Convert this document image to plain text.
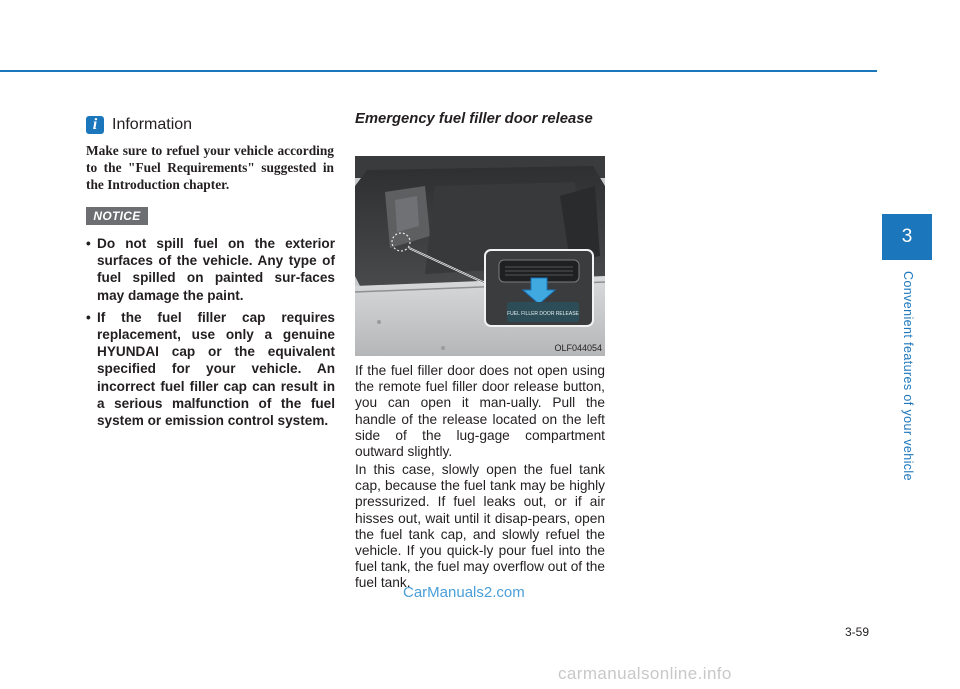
i Information

Make sure to refuel your vehicle according to the "Fuel Requirements" suggested in the Introduction chapter.

NOTICE
• Do not spill fuel on the exterior surfaces of the vehicle. Any type of fuel spilled on painted sur-faces may damage the paint.
• If the fuel filler cap requires replacement, use only a genuine HYUNDAI cap or the equivalent specified for your vehicle. An incorrect fuel filler cap can result in a serious malfunction of the fuel system or emission control system.
Emergency fuel filler door release
FUEL FILLER DOOR RELEASE
OLF044054

If the fuel filler door does not open using the remote fuel filler door release button, you can open it man-ually. Pull the handle of the release located on the left side of the lug-gage compartment outward slightly.

In this case, slowly open the fuel tank cap, because the fuel tank may be highly pressurized. If fuel leaks out, or if air hisses out, wait until it disap-pears, open the fuel tank cap, and slowly refuel the vehicle. If you quick-ly pour fuel into the fuel tank, the fuel may overflow out of the fuel tank.

CarManuals2.com
3-59
carmanualsonline.info
3
Convenient features of your vehicle
